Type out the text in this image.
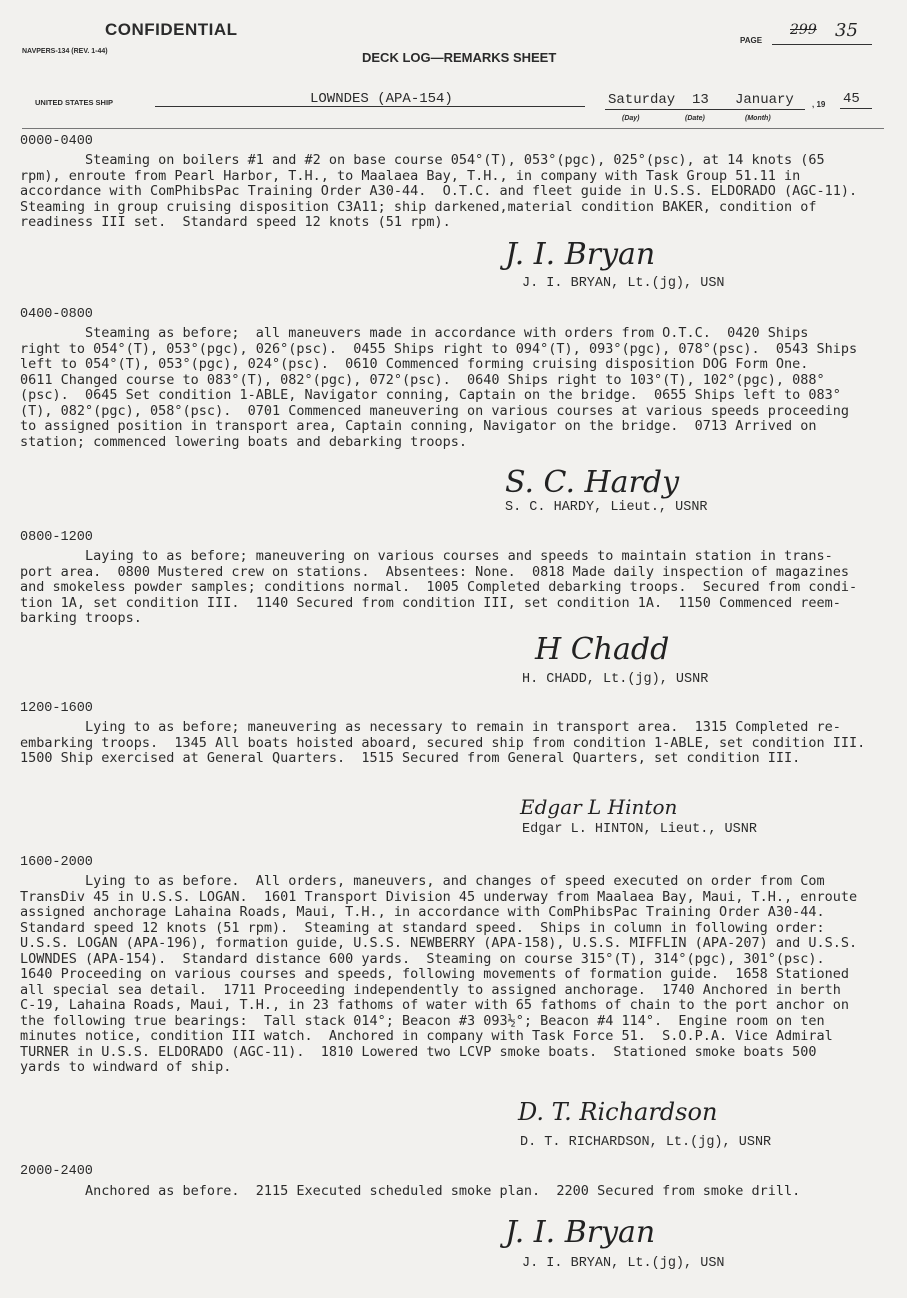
CONFIDENTIAL
NAVPERS-134 (REV. 1-44)	DECK LOG—REMARKS SHEET
PAGE
299 35
UNITED STATES SHIP	LOWNDES (APA-154)	Saturday 13 January
(Day)	(Date)	(Month)
, 19 45
0000-0400
Steaming on boilers #1 and #2 on base course 054°(T), 053°(pgc), 025°(psc), at 14 knots (65
rpm), enroute from Pearl Harbor, T.H., to Maalaea Bay, T.H., in company with Task Group 51.11 in
accordance with ComPhibsPac Training Order A30-44.  O.T.C. and fleet guide in U.S.S. ELDORADO (AGC-11).
Steaming in group cruising disposition C3A11; ship darkened,material condition BAKER, condition of
readiness III set.  Standard speed 12 knots (51 rpm).
J. I. Bryan
J. I. BRYAN, Lt.(jg), USN
0400-0800
Steaming as before;  all maneuvers made in accordance with orders from O.T.C.  0420 Ships
right to 054°(T), 053°(pgc), 026°(psc).  0455 Ships right to 094°(T), 093°(pgc), 078°(psc).  0543 Ships
left to 054°(T), 053°(pgc), 024°(psc).  0610 Commenced forming cruising disposition DOG Form One.
0611 Changed course to 083°(T), 082°(pgc), 072°(psc).  0640 Ships right to 103°(T), 102°(pgc), 088°
(psc).  0645 Set condition 1-ABLE, Navigator conning, Captain on the bridge.  0655 Ships left to 083°
(T), 082°(pgc), 058°(psc).  0701 Commenced maneuvering on various courses at various speeds proceeding
to assigned position in transport area, Captain conning, Navigator on the bridge.  0713 Arrived on
station; commenced lowering boats and debarking troops.
S. C. Hardy
S. C. HARDY, Lieut., USNR
0800-1200
Laying to as before; maneuvering on various courses and speeds to maintain station in trans-
port area.  0800 Mustered crew on stations.  Absentees: None.  0818 Made daily inspection of magazines
and smokeless powder samples; conditions normal.  1005 Completed debarking troops.  Secured from condi-
tion 1A, set condition III.  1140 Secured from condition III, set condition 1A.  1150 Commenced reem-
barking troops.
H Chadd
H. CHADD, Lt.(jg), USNR
1200-1600
Lying to as before; maneuvering as necessary to remain in transport area.  1315 Completed re-
embarking troops.  1345 All boats hoisted aboard, secured ship from condition 1-ABLE, set condition III.
1500 Ship exercised at General Quarters.  1515 Secured from General Quarters, set condition III.
Edgar L Hinton
Edgar L. HINTON, Lieut., USNR
1600-2000
Lying to as before.  All orders, maneuvers, and changes of speed executed on order from Com
TransDiv 45 in U.S.S. LOGAN.  1601 Transport Division 45 underway from Maalaea Bay, Maui, T.H., enroute
assigned anchorage Lahaina Roads, Maui, T.H., in accordance with ComPhibsPac Training Order A30-44.
Standard speed 12 knots (51 rpm).  Steaming at standard speed.  Ships in column in following order:
U.S.S. LOGAN (APA-196), formation guide, U.S.S. NEWBERRY (APA-158), U.S.S. MIFFLIN (APA-207) and U.S.S.
LOWNDES (APA-154).  Standard distance 600 yards.  Steaming on course 315°(T), 314°(pgc), 301°(psc).
1640 Proceeding on various courses and speeds, following movements of formation guide.  1658 Stationed
all special sea detail.  1711 Proceeding independently to assigned anchorage.  1740 Anchored in berth
C-19, Lahaina Roads, Maui, T.H., in 23 fathoms of water with 65 fathoms of chain to the port anchor on
the following true bearings:  Tall stack 014°; Beacon #3 093½°; Beacon #4 114°.  Engine room on ten
minutes notice, condition III watch.  Anchored in company with Task Force 51.  S.O.P.A. Vice Admiral
TURNER in U.S.S. ELDORADO (AGC-11).  1810 Lowered two LCVP smoke boats.  Stationed smoke boats 500
yards to windward of ship.
D. T. Richardson
D. T. RICHARDSON, Lt.(jg), USNR
2000-2400
Anchored as before.  2115 Executed scheduled smoke plan.  2200 Secured from smoke drill.
J. I. Bryan
J. I. BRYAN, Lt.(jg), USN
